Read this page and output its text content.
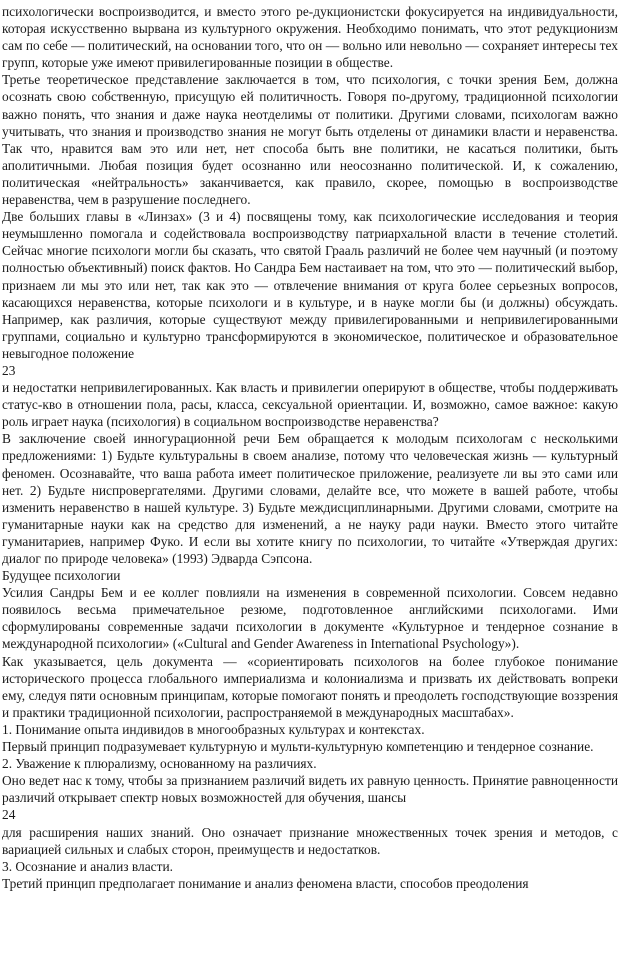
психологически воспроизводится, и вместо этого ре-дукционистски фокусируется на индивидуальности, которая искусственно вырвана из культурного окружения. Необходимо понимать, что этот редукционизм сам по себе — политический, на основании того, что он — вольно или невольно — сохраняет интересы тех групп, которые уже имеют привилегированные позиции в обществе.

Третье теоретическое представление заключается в том, что психология, с точки зрения Бем, должна осознать свою собственную, присущую ей политичность. Говоря по-другому, традиционной психологии важно понять, что знания и даже наука неотделимы от политики. Другими словами, психологам важно учитывать, что знания и производство знания не могут быть отделены от динамики власти и неравенства. Так что, нравится вам это или нет, нет способа быть вне политики, не касаться политики, быть аполитичными. Любая позиция будет осознанно или неосознанно политической. И, к сожалению, политическая «нейтральность» заканчивается, как правило, скорее, помощью в воспроизводстве неравенства, чем в разрушение последнего.

Две больших главы в «Линзах» (3 и 4) посвящены тому, как психологические исследования и теория неумышленно помогала и содействовала воспроизводству патриархальной власти в течение столетий. Сейчас многие психологи могли бы сказать, что святой Грааль различий не более чем научный (и поэтому полностью объективный) поиск фактов. Но Сандра Бем настаивает на том, что это — политический выбор, признаем ли мы это или нет, так как это — отвлечение внимания от круга более серьезных вопросов, касающихся неравенства, которые психологи и в культуре, и в науке могли бы (и должны) обсуждать. Например, как различия, которые существуют между привилегированными и непривилегированными группами, социально и культурно трансформируются в экономическое, политическое и образовательное невыгодное положение

23

и недостатки непривилегированных. Как власть и привилегии оперируют в обществе, чтобы поддерживать статус-кво в отношении пола, расы, класса, сексуальной ориентации. И, возможно, самое важное: какую роль играет наука (психология) в социальном воспроизводстве неравенства?

В заключение своей инногурационной речи Бем обращается к молодым психологам с несколькими предложениями: 1) Будьте культуральны в своем анализе, потому что человеческая жизнь — культурный феномен. Осознавайте, что ваша работа имеет политическое приложение, реализуете ли вы это сами или нет. 2) Будьте ниспровергателями. Другими словами, делайте все, что можете в вашей работе, чтобы изменить неравенство в нашей культуре. 3) Будьте междисциплинарными. Другими словами, смотрите на гуманитарные науки как на средство для изменений, а не науку ради науки. Вместо этого читайте гуманитариев, например Фуко. И если вы хотите книгу по психологии, то читайте «Утверждая других: диалог по природе человека» (1993) Эдварда Сэпсона.

Будущее психологии

Усилия Сандры Бем и ее коллег повлияли на изменения в современной психологии. Совсем недавно появилось весьма примечательное резюме, подготовленное английскими психологами. Ими сформулированы современные задачи психологии в документе «Культурное и тендерное сознание в международной психологии» («Cultural and Gender Awareness in International Psychology»).

Как указывается, цель документа — «сориентировать психологов на более глубокое понимание исторического процесса глобального империализма и колониализма и призвать их действовать вопреки ему, следуя пяти основным принципам, которые помогают понять и преодолеть господствующие воззрения и практики традиционной психологии, распространяемой в международных масштабах».

1. Понимание опыта индивидов в многообразных культурах и контекстах.

Первый принцип подразумевает культурную и мульти-культурную компетенцию и тендерное сознание.

2. Уважение к плюрализму, основанному на различиях.

Оно ведет нас к тому, чтобы за признанием различий видеть их равную ценность. Принятие равноценности различий открывает спектр новых возможностей для обучения, шансы

24

для расширения наших знаний. Оно означает признание множественных точек зрения и методов, с вариацией сильных и слабых сторон, преимуществ и недостатков.

3. Осознание и анализ власти.

Третий принцип предполагает понимание и анализ феномена власти, способов преодоления
